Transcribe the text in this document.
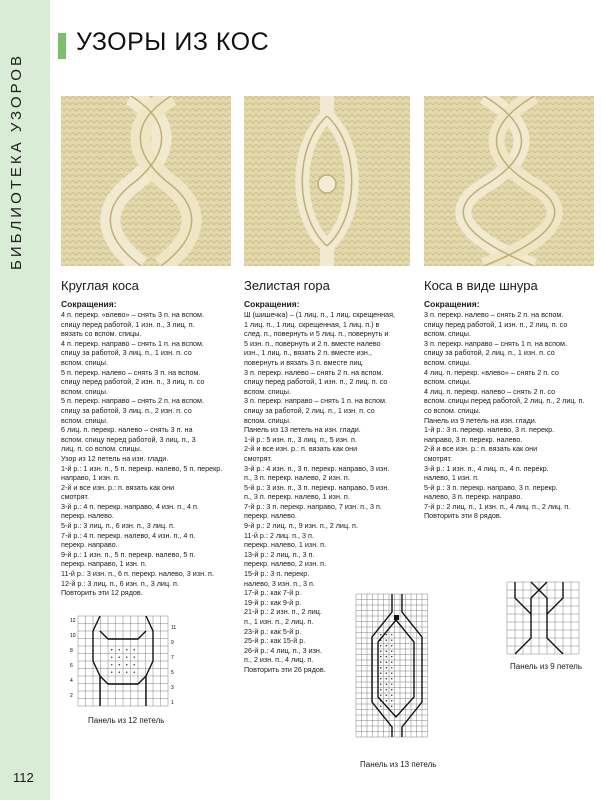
БИБЛИОТЕКА УЗОРОВ
УЗОРЫ ИЗ КОС
Круглая коса
Сокращения:
4 п. перекр. «влево» – снять 3 п. на вспом.
спицу перед работой, 1 изн. п., 3 лиц. п.
вязать со вспом. спицы.
4 п. перекр. направо – снять 1 п. на вспом.
спицу за работой, 3 лиц. п., 1 изн. п. со
вспом. спицы.
5 п. перекр. налево – снять 3 п. на вспом.
спицу перед работой, 2 изн. п., 3 лиц. п. со
вспом. спицы.
5 п. перекр. направо – снять 2 п. на вспом.
спицу за работой, 3 лиц. п., 2 изн. п. со
вспом. спицы.
6 лиц. п. перекр. налево – снять 3 п. на
вспом. спицу перед работой, 3 лиц. п., 3
лиц. п. со вспом. спицы.
Узор из 12 петель на изн. глади.
1-й р.: 1 изн. п., 5 п. перекр. налево, 5 п. перекр.
направо, 1 изн. п.
2-й и все изн. р.: п. вязать как они
смотрят.
3-й р.: 4 п. перекр. направо, 4 изн. п., 4 п.
перекр. налево.
5-й р.: 3 лиц. п., 6 изн. п., 3 лиц. п.
7-й р.: 4 п. перекр. налево, 4 изн. п., 4 п.
перекр. направо.
9-й р.: 1 изн. п., 5 п. перекр. налево, 5 п.
перекр. направо, 1 изн. п.
11-й р.: 3 изн. п., 6 п. перекр. налево, 3 изн. п.
12-й р.: 3 лиц. п., 6 изн. п., 3 лиц. п.
Повторить эти 12 рядов.
Зелистая гора
Сокращения:
Ш (шишечка) – (1 лиц. п., 1 лиц. скрещенная,
1 лиц. п., 1 лиц. скрещенная, 1 лиц. п.) в
след. п., повернуть и 5 лиц. п., повернуть и
5 изн. п., повернуть и 2 п. вместе налево
изн., 1 лиц. п., вязать 2 п. вместе изн.,
повернуть и вязать 3 п. вместе лиц.
3 п. перекр. налево – снять 2 п. на вспом.
спицу перед работой, 1 изн. п., 2 лиц. п. со
вспом. спицы.
3 п. перекр. направо – снять 1 п. на вспом.
спицу за работой, 2 лиц. п., 1 изн. п. со
вспом. спицы.
Панель из 13 петель на изн. глади.
1-й р.: 5 изн. п., 3 лиц. п., 5 изн. п.
2-й и все изн. р.: п. вязать как они
смотрят.
3-й р.: 4 изн. п., 3 п. перекр. направо, 3 изн.
п., 3 п. перекр. налево, 2 изн. п.
5-й р.: 3 изн. п., 3 п. перекр. направо, 5 изн.
п., 3 п. перекр. налево, 1 изн. п.
7-й р.: 3 п. перекр. направо, 7 изн. п., 3 п.
перекр. налево.
9-й р.: 2 лиц. п., 9 изн. п., 2 лиц. п.
11-й р.: 2 лиц. п., 3 п.
перекр. налево, 1 изн. п.
13-й р.: 2 лиц. п., 3 п.
перекр. налево, 2 изн. п.
15-й р.: 3 п. перекр.
налево, 3 изн. п., 3 п.
17-й р.: как 7-й р.
19-й р.: как 9-й р.
21-й р.: 2 изн. п., 2 лиц.
п., 1 изн. п., 2 лиц. п.
23-й р.: как 5-й р.
25-й р.: как 15-й р.
26-й р.: 4 лиц. п., 3 изн.
п., 2 изн. п., 4 лиц. п.
Повторить эти 26 рядов.
Коса в виде шнура
Сокращения:
3 п. перекр. налево – снять 2 п. на вспом.
спицу перед работой, 1 изн. п., 2 лиц. п. со
вспом. спицы.
3 п. перекр. направо – снять 1 п. на вспом.
спицу за работой, 2 лиц. п., 1 изн. п. со
вспом. спицы.
4 лиц. п. перекр. «влево» – снять 2 п. со
вспом. спицы.
4 лиц. п. перекр. налево – снять 2 п. со
вспом. спицы перед работой, 2 лиц. п., 2 лиц. п.
со вспом. спицы.
Панель из 9 петель на изн. глади.
1-й р.: 3 п. перекр. налево, 3 п. перекр.
направо, 3 п. перекр. налево.
2-й и все изн. р.: п. вязать как они
смотрят.
3-й р.: 1 изн. п., 4 лиц. п., 4 п. перекр.
налево, 1 изн. п.
5-й р.: 3 п. перекр. направо, 3 п. перекр.
налево, 3 п. перекр. направо.
7-й р.: 2 лиц. п., 1 изн. п., 4 лиц. п., 2 лиц. п.
Повторить эти 8 рядов.
12
10
8
6
4
2
11
9
7
5
3
1
Панель из 12 петель
Панель из 13 петель
Панель из 9 петель
112
